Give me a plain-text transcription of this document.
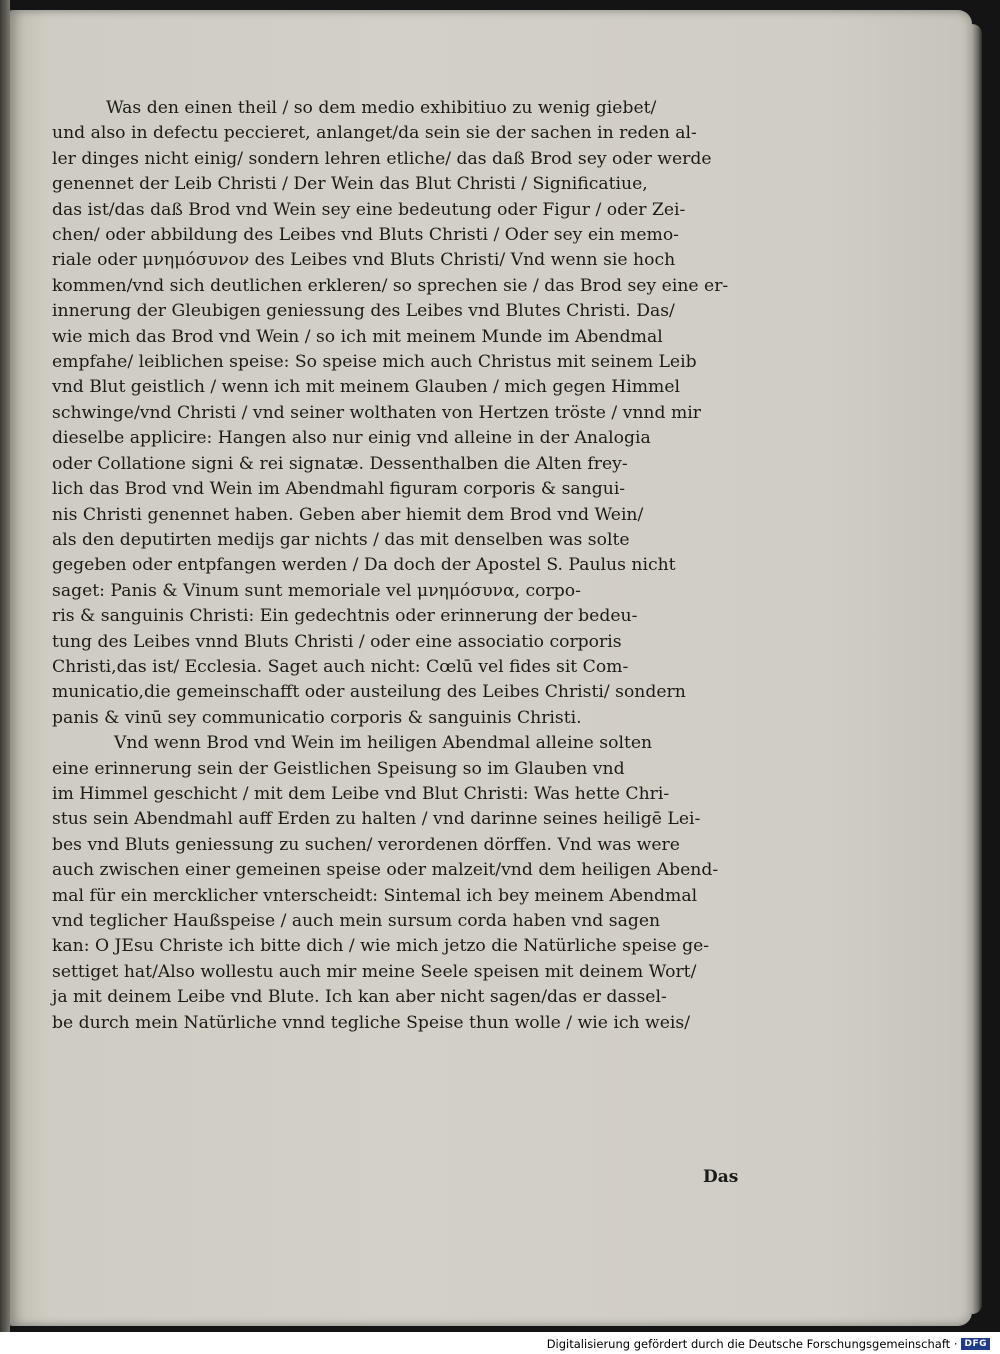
Was den einen theil / so dem medio exhibitiuo zu wenig giebet/
und also in defectu peccieret, anlanget/da sein sie der sachen in reden al-
ler dinges nicht einig/ sondern lehren etliche/ das daß Brod sey oder werde
genennet der Leib Christi / Der Wein das Blut Christi / Significatiue,
das ist/das daß Brod vnd Wein sey eine bedeutung oder Figur / oder Zei-
chen/ oder abbildung des Leibes vnd Bluts Christi / Oder sey ein memo-
riale oder μνημόσυνον des Leibes vnd Bluts Christi/ Vnd wenn sie hoch
kommen/vnd sich deutlichen erkleren/ so sprechen sie / das Brod sey eine er-
innerung der Gleubigen geniessung des Leibes vnd Blutes Christi. Das/
wie mich das Brod vnd Wein / so ich mit meinem Munde im Abendmal
empfahe/ leiblichen speise: So speise mich auch Christus mit seinem Leib
vnd Blut geistlich / wenn ich mit meinem Glauben / mich gegen Himmel
schwinge/vnd Christi / vnd seiner wolthaten von Hertzen tröste / vnnd mir
dieselbe applicire: Hangen also nur einig vnd alleine in der Analogia
oder Collatione signi & rei signatæ. Dessenthalben die Alten frey-
lich das Brod vnd Wein im Abendmahl figuram corporis & sangui-
nis Christi genennet haben. Geben aber hiemit dem Brod vnd Wein/
als den deputirten medijs gar nichts / das mit denselben was solte
gegeben oder entpfangen werden / Da doch der Apostel S. Paulus nicht
saget: Panis & Vinum sunt memoriale vel μνημόσυνα, corpo-
ris & sanguinis Christi: Ein gedechtnis oder erinnerung der bedeu-
tung des Leibes vnnd Bluts Christi / oder eine associatio corporis
Christi,das ist/ Ecclesia. Saget auch nicht: Cœlū vel fides sit Com-
municatio,die gemeinschafft oder austeilung des Leibes Christi/ sondern
panis & vinū sey communicatio corporis & sanguinis Christi.
Vnd wenn Brod vnd Wein im heiligen Abendmal alleine solten
eine erinnerung sein der Geistlichen Speisung so im Glauben vnd
im Himmel geschicht / mit dem Leibe vnd Blut Christi: Was hette Chri-
stus sein Abendmahl auff Erden zu halten / vnd darinne seines heiligē Lei-
bes vnd Bluts geniessung zu suchen/ verordenen dörffen. Vnd was were
auch zwischen einer gemeinen speise oder malzeit/vnd dem heiligen Abend-
mal für ein mercklicher vnterscheidt: Sintemal ich bey meinem Abendmal
vnd teglicher Haußspeise / auch mein sursum corda haben vnd sagen
kan: O JEsu Christe ich bitte dich / wie mich jetzo die Natürliche speise ge-
settiget hat/Also wollestu auch mir meine Seele speisen mit deinem Wort/
ja mit deinem Leibe vnd Blute. Ich kan aber nicht sagen/das er dassel-
be durch mein Natürliche vnnd tegliche Speise thun wolle / wie ich weis/
Das
Digitalisierung gefördert durch die Deutsche Forschungsgemeinschaft · DFG
